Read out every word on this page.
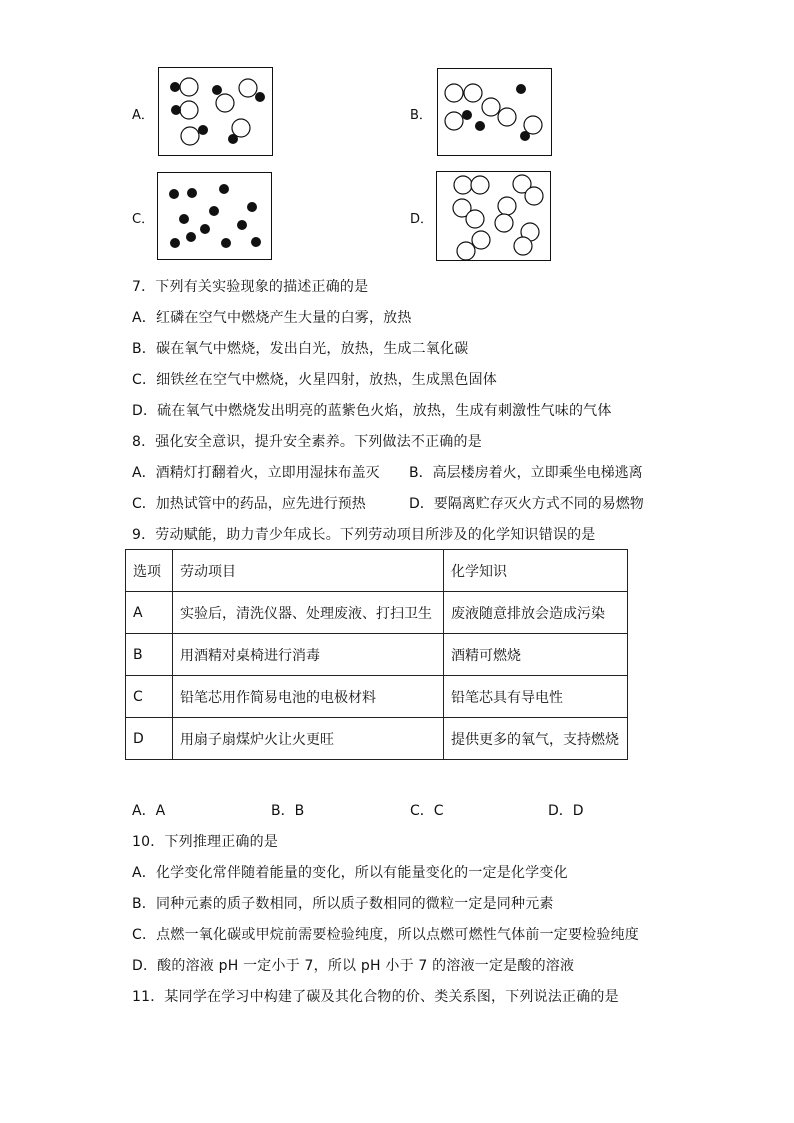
A．	B．
C．	D．
7．下列有关实验现象的描述正确的是
A．红磷在空气中燃烧产生大量的白雾，放热
B．碳在氧气中燃烧，发出白光，放热，生成二氧化碳
C．细铁丝在空气中燃烧，火星四射，放热，生成黑色固体
D．硫在氧气中燃烧发出明亮的蓝紫色火焰，放热，生成有刺激性气味的气体
8．强化安全意识，提升安全素养。下列做法不正确的是
A．酒精灯打翻着火，立即用湿抹布盖灭 B．高层楼房着火，立即乘坐电梯逃离
C．加热试管中的药品，应先进行预热	D．要隔离贮存灭火方式不同的易燃物
9．劳动赋能，助力青少年成长。下列劳动项目所涉及的化学知识错误的是
选项	劳动项目	化学知识
A	实验后，清洗仪器、处理废液、打扫卫生	废液随意排放会造成污染
B	用酒精对桌椅进行消毒	酒精可燃烧
C	铅笔芯用作简易电池的电极材料	铅笔芯具有导电性
D	用扇子扇煤炉火让火更旺	提供更多的氧气，支持燃烧
A．A	B．B	C．C	D．D
10．下列推理正确的是
A．化学变化常伴随着能量的变化，所以有能量变化的一定是化学变化
B．同种元素的质子数相同，所以质子数相同的微粒一定是同种元素
C．点燃一氧化碳或甲烷前需要检验纯度，所以点燃可燃性气体前一定要检验纯度
D．酸的溶液 pH 一定小于 7，所以 pH 小于 7 的溶液一定是酸的溶液
11．某同学在学习中构建了碳及其化合物的价、类关系图，下列说法正确的是
